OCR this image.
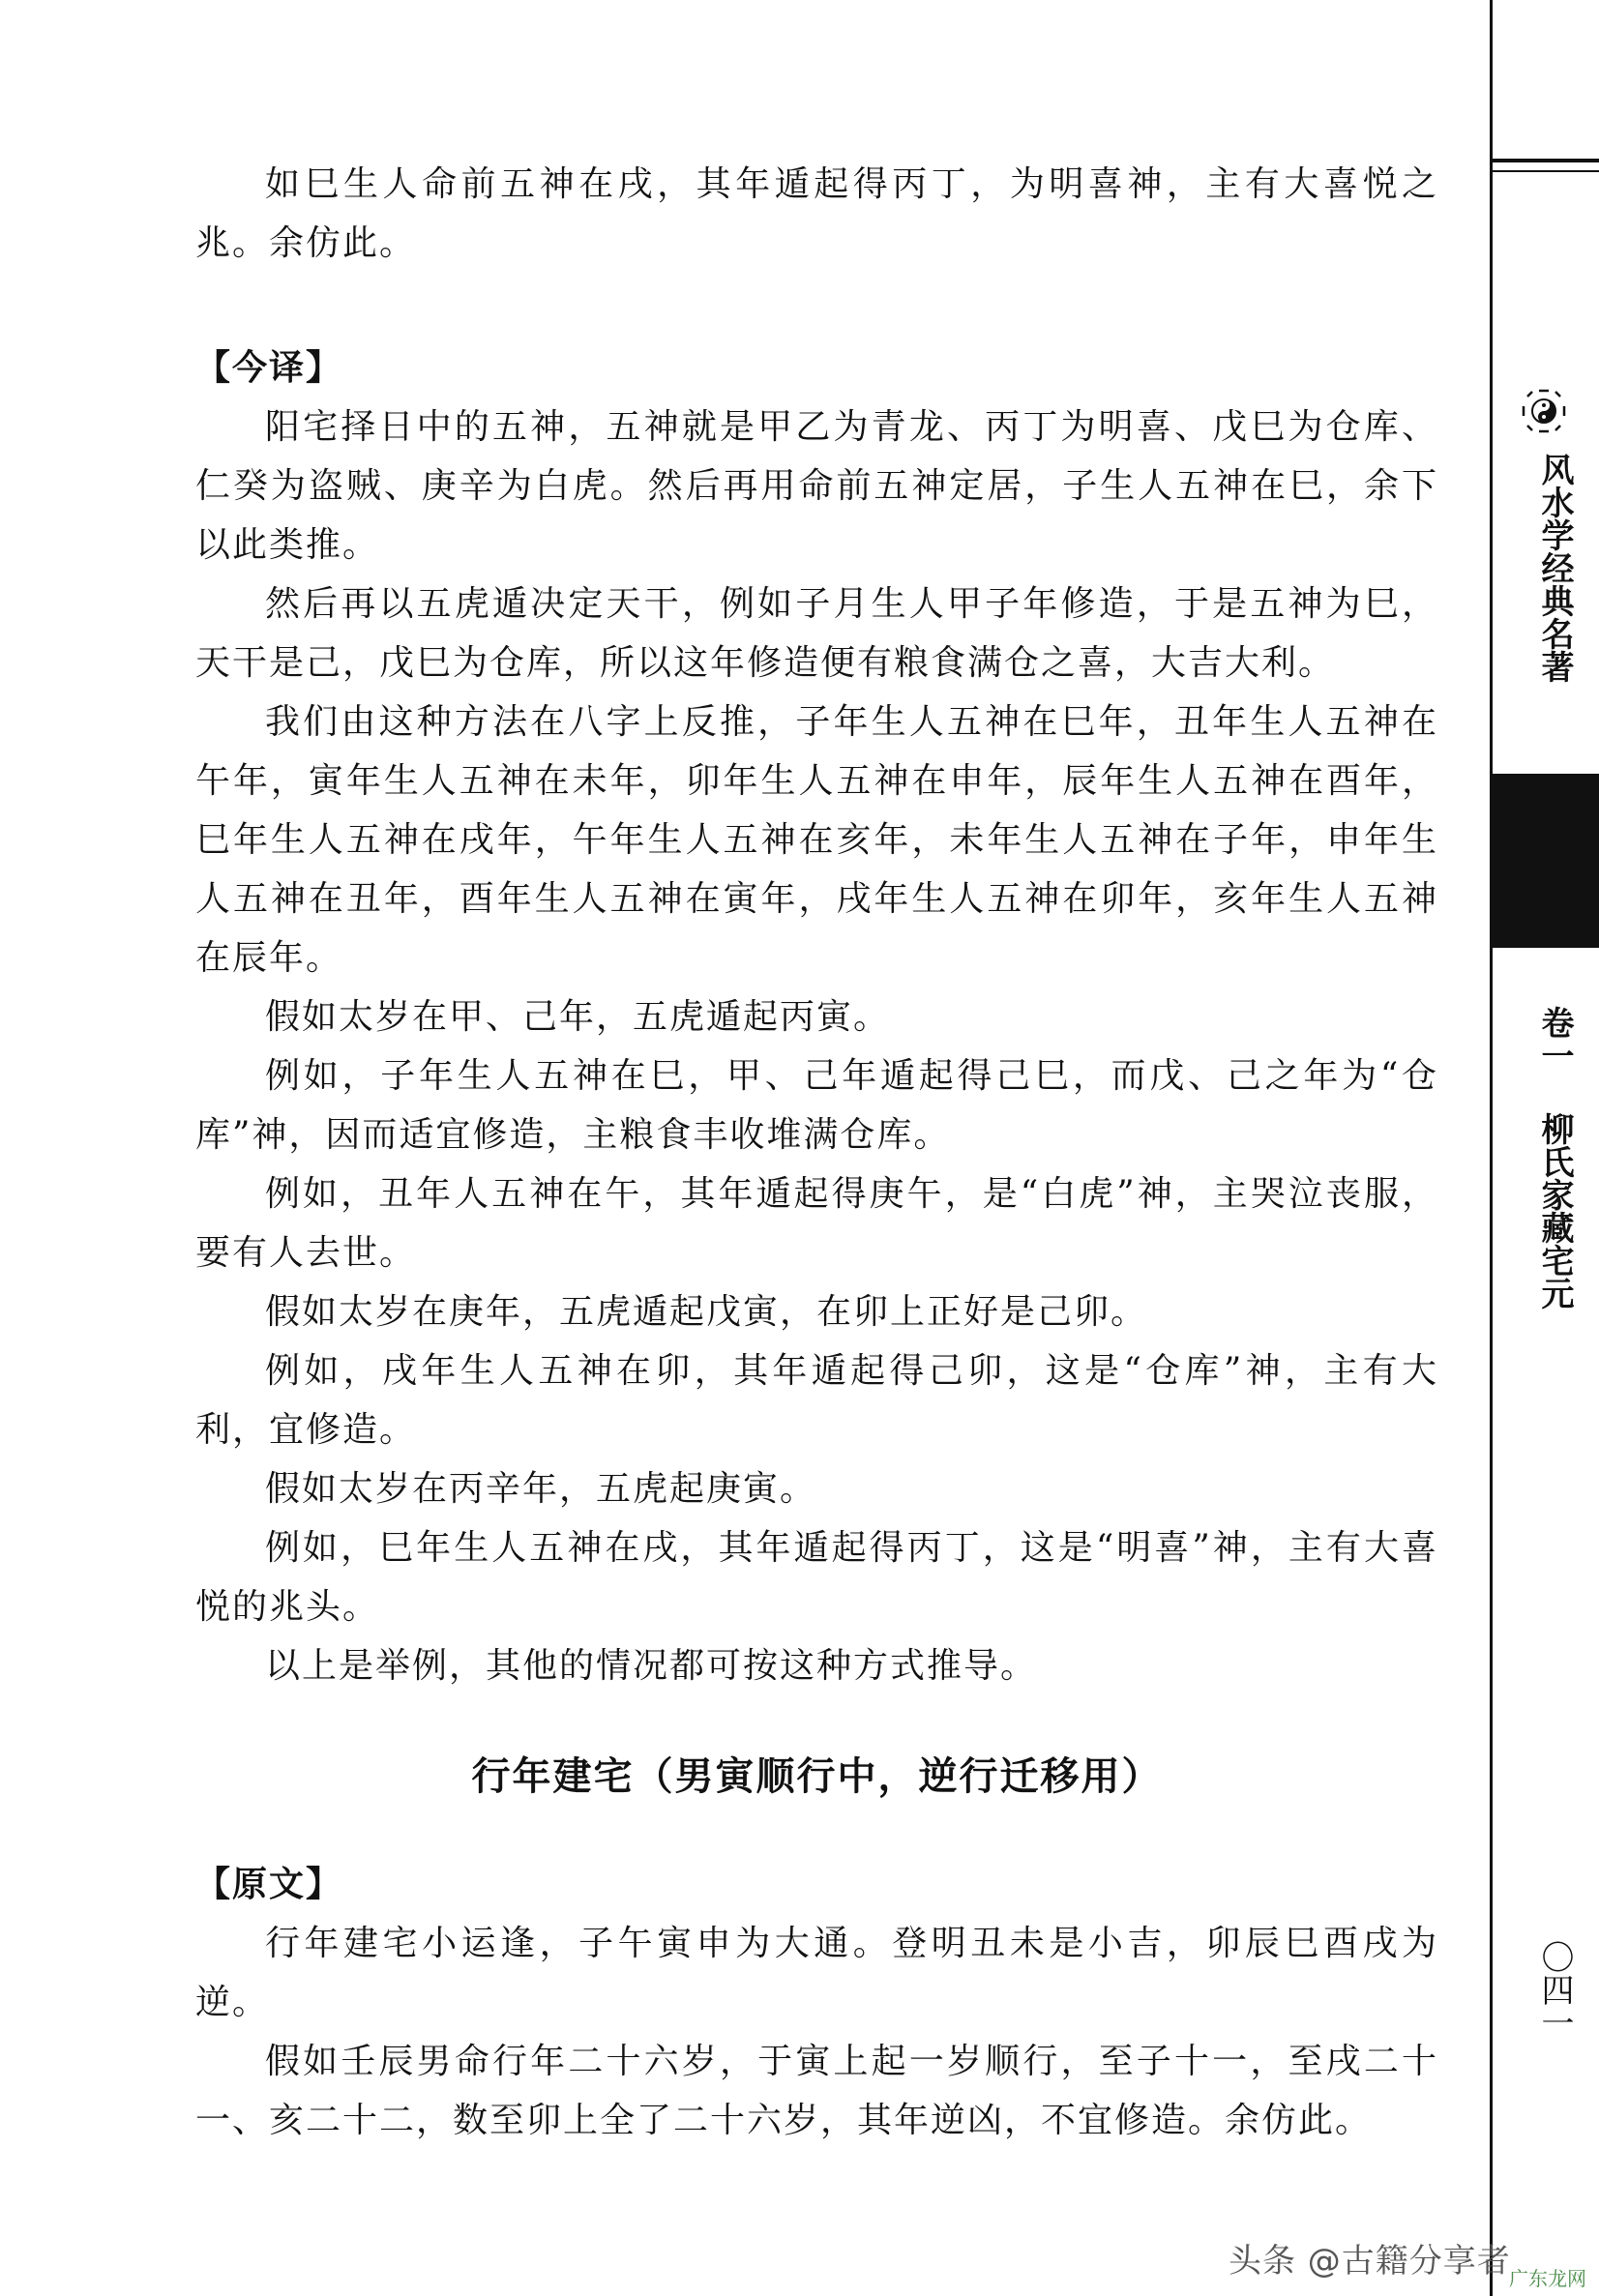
如巳生人命前五神在戌，其年遁起得丙丁，为明喜神，主有大喜悦之兆。余仿此。

【今译】

阳宅择日中的五神，五神就是甲乙为青龙、丙丁为明喜、戊巳为仓库、仁癸为盗贼、庚辛为白虎。然后再用命前五神定居，子生人五神在巳，余下以此类推。

然后再以五虎遁决定天干，例如子月生人甲子年修造，于是五神为巳，天干是己，戊巳为仓库，所以这年修造便有粮食满仓之喜，大吉大利。

我们由这种方法在八字上反推，子年生人五神在巳年，丑年生人五神在午年，寅年生人五神在未年，卯年生人五神在申年，辰年生人五神在酉年，巳年生人五神在戌年，午年生人五神在亥年，未年生人五神在子年，申年生人五神在丑年，酉年生人五神在寅年，戌年生人五神在卯年，亥年生人五神在辰年。

假如太岁在甲、己年，五虎遁起丙寅。

例如，子年生人五神在巳，甲、己年遁起得己巳，而戊、己之年为“仓库”神，因而适宜修造，主粮食丰收堆满仓库。

例如，丑年人五神在午，其年遁起得庚午，是“白虎”神，主哭泣丧服，要有人去世。

假如太岁在庚年，五虎遁起戊寅，在卯上正好是己卯。

例如，戌年生人五神在卯，其年遁起得己卯，这是“仓库”神，主有大利，宜修造。

假如太岁在丙辛年，五虎起庚寅。

例如，巳年生人五神在戌，其年遁起得丙丁，这是“明喜”神，主有大喜悦的兆头。

以上是举例，其他的情况都可按这种方式推导。

行年建宅（男寅顺行中，逆行迁移用）

【原文】

行年建宅小运逢，子午寅申为大通。登明丑未是小吉，卯辰巳酉戌为逆。

假如壬辰男命行年二十六岁，于寅上起一岁顺行，至子十一，至戌二十一、亥二十二，数至卯上全了二十六岁，其年逆凶，不宜修造。余仿此。

风水学经典名著
卷一
柳氏家藏宅元
〇四一
头条 @古籍分享者
广东龙网
